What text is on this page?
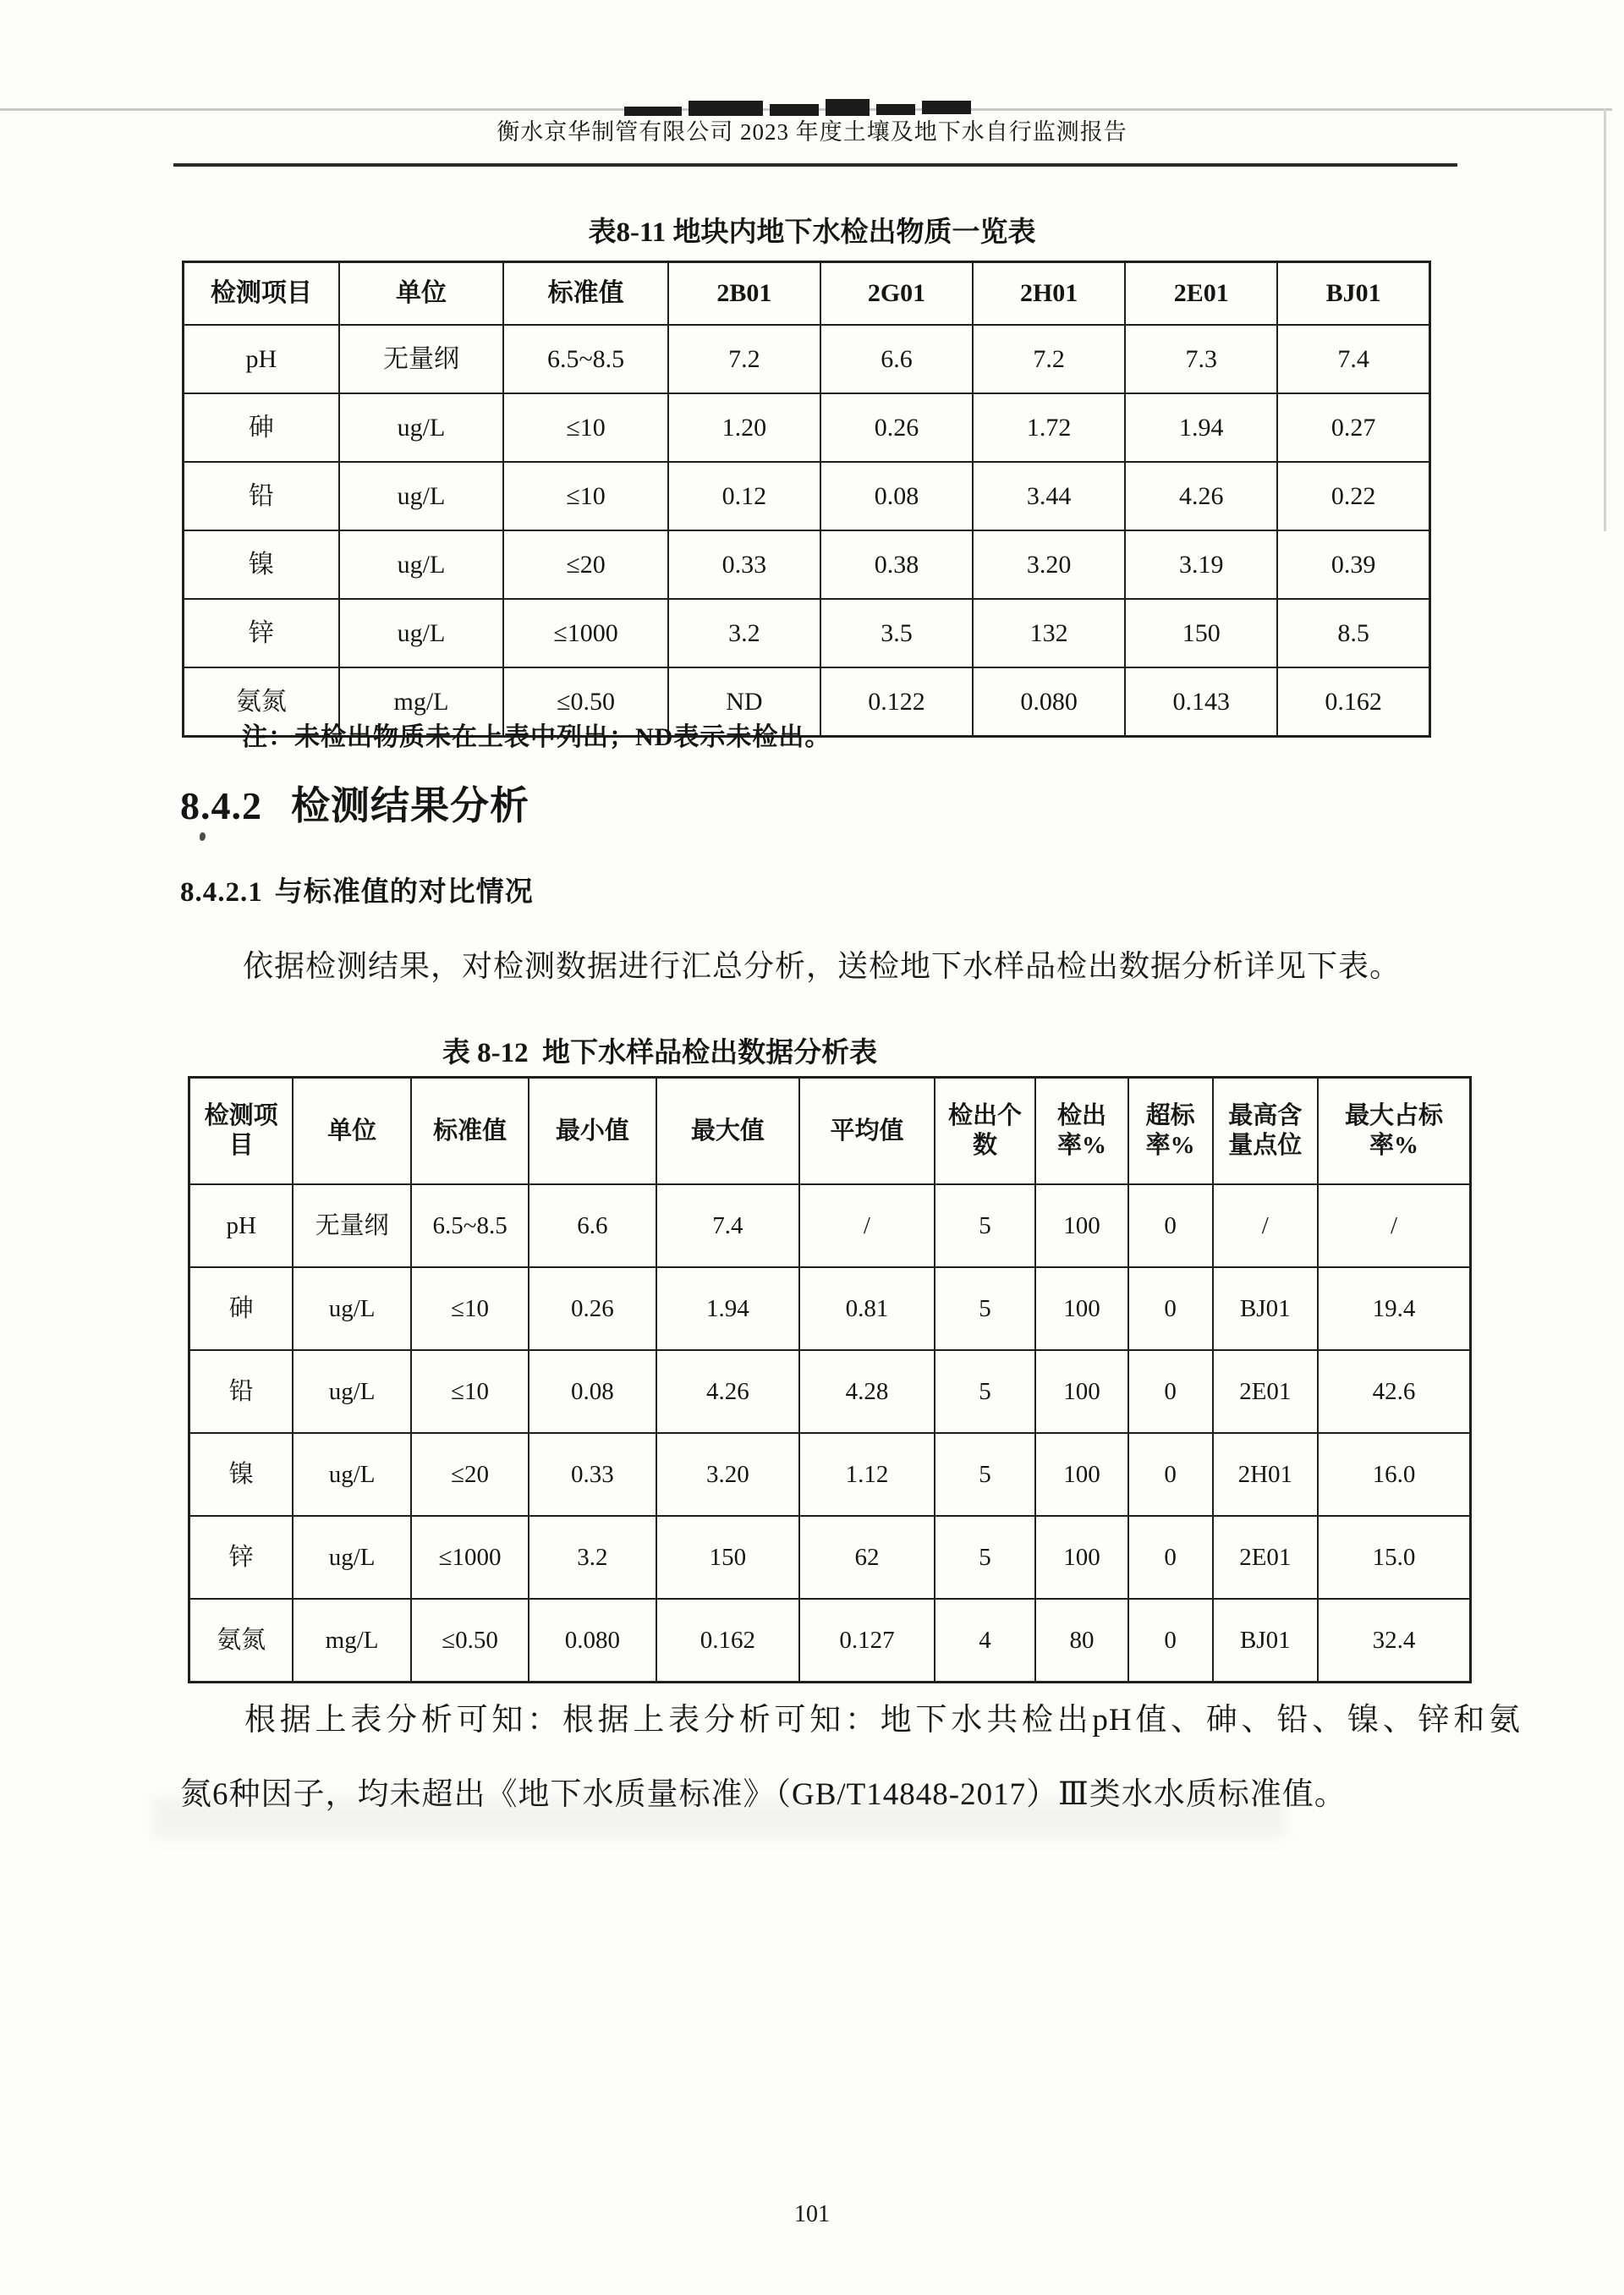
衡水京华制管有限公司 2023 年度土壤及地下水自行监测报告
表8-11 地块内地下水检出物质一览表
检测项目	单位	标准值	2B01	2G01	2H01	2E01	BJ01
pH	无量纲	6.5~8.5	7.2	6.6	7.2	7.3	7.4
砷	ug/L	≤10	1.20	0.26	1.72	1.94	0.27
铅	ug/L	≤10	0.12	0.08	3.44	4.26	0.22
镍	ug/L	≤20	0.33	0.38	3.20	3.19	0.39
锌	ug/L	≤1000	3.2	3.5	132	150	8.5
氨氮	mg/L	≤0.50	ND	0.122	0.080	0.143	0.162
注：未检出物质未在上表中列出；ND表示未检出。
8.4.2 检测结果分析
8.4.2.1 与标准值的对比情况

依据检测结果，对检测数据进行汇总分析，送检地下水样品检出数据分析详见下表。

表 8-12  地下水样品检出数据分析表
检测项目	单位	标准值	最小值	最大值	平均值	检出个数	检出率%	超标率%	最高含量点位	最大占标率%
pH	无量纲	6.5~8.5	6.6	7.4	/	5	100	0	/	/
砷	ug/L	≤10	0.26	1.94	0.81	5	100	0	BJ01	19.4
铅	ug/L	≤10	0.08	4.26	4.28	5	100	0	2E01	42.6
镍	ug/L	≤20	0.33	3.20	1.12	5	100	0	2H01	16.0
锌	ug/L	≤1000	3.2	150	62	5	100	0	2E01	15.0
氨氮	mg/L	≤0.50	0.080	0.162	0.127	4	80	0	BJ01	32.4

根据上表分析可知：根据上表分析可知：地下水共检出pH值、砷、铅、镍、锌和氨
氮6种因子，均未超出《地下水质量标准》（GB/T14848-2017）Ⅲ类水水质标准值。

101
